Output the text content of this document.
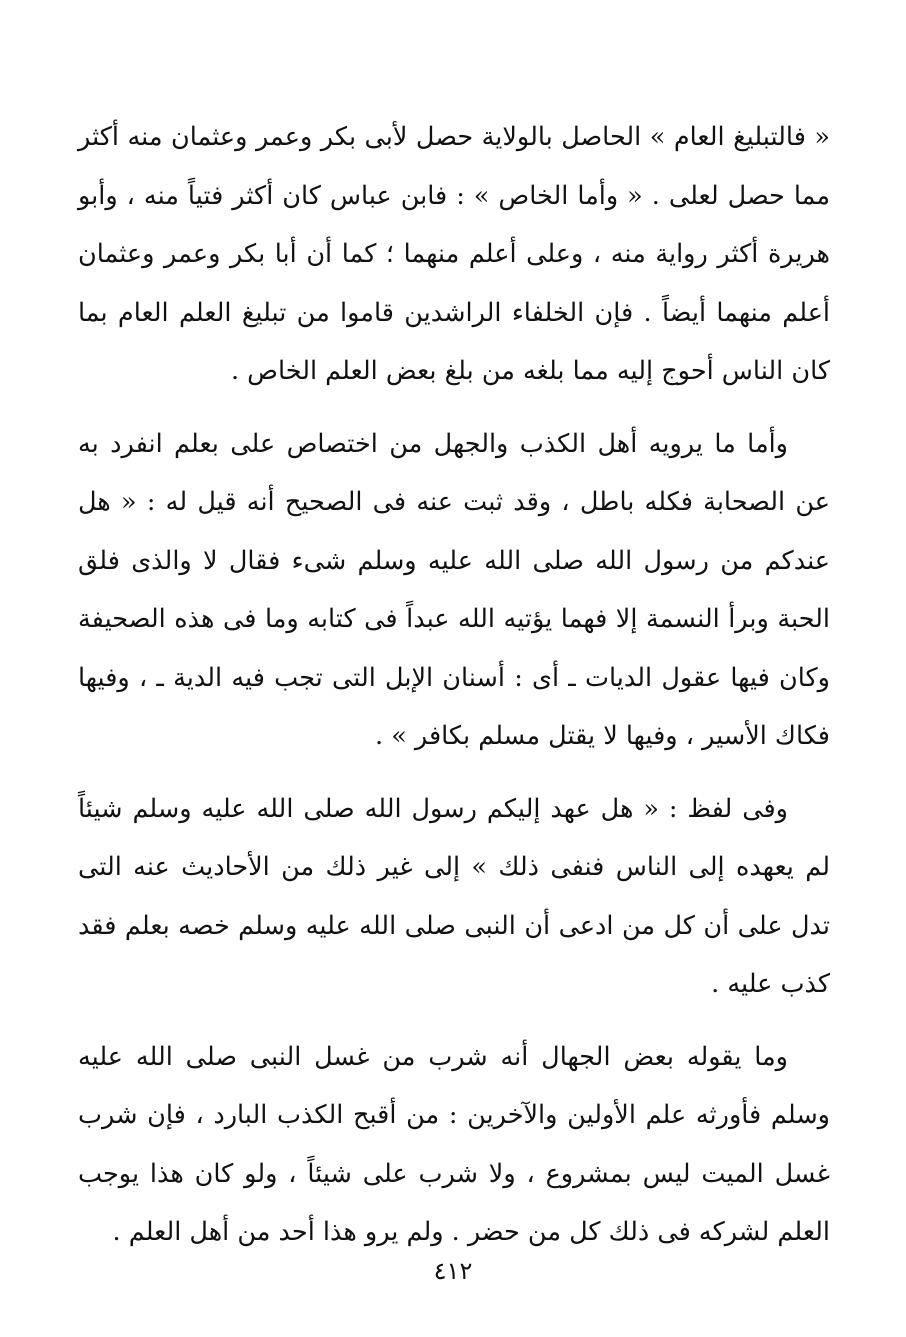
« فالتبليغ العام » الحاصل بالولاية حصل لأبى بكر وعمر وعثمان منه أكثر مما حصل لعلى . « وأما الخاص » : فابن عباس كان أكثر فتياً منه ، وأبو هريرة أكثر رواية منه ، وعلى أعلم منهما ؛ كما أن أبا بكر وعمر وعثمان أعلم منهما أيضاً . فإن الخلفاء الراشدين قاموا من تبليغ العلم العام بما كان الناس أحوج إليه مما بلغه من بلغ بعض العلم الخاص .

وأما ما يرويه أهل الكذب والجهل من اختصاص على بعلم انفرد به عن الصحابة فكله باطل ، وقد ثبت عنه فى الصحيح أنه قيل له : « هل عندكم من رسول الله صلى الله عليه وسلم شىء فقال لا والذى فلق الحبة وبرأ النسمة إلا فهما يؤتيه الله عبداً فى كتابه وما فى هذه الصحيفة وكان فيها عقول الديات ـ أى : أسنان الإبل التى تجب فيه الدية ـ ، وفيها فكاك الأسير ، وفيها لا يقتل مسلم بكافر » .

وفى لفظ : « هل عهد إليكم رسول الله صلى الله عليه وسلم شيئاً لم يعهده إلى الناس فنفى ذلك » إلى غير ذلك من الأحاديث عنه التى تدل على أن كل من ادعى أن النبى صلى الله عليه وسلم خصه بعلم فقد كذب عليه .

وما يقوله بعض الجهال أنه شرب من غسل النبى صلى الله عليه وسلم فأورثه علم الأولين والآخرين : من أقبح الكذب البارد ، فإن شرب غسل الميت ليس بمشروع ، ولا شرب على شيئاً ، ولو كان هذا يوجب العلم لشركه فى ذلك كل من حضر . ولم يرو هذا أحد من أهل العلم .

٤١٢
